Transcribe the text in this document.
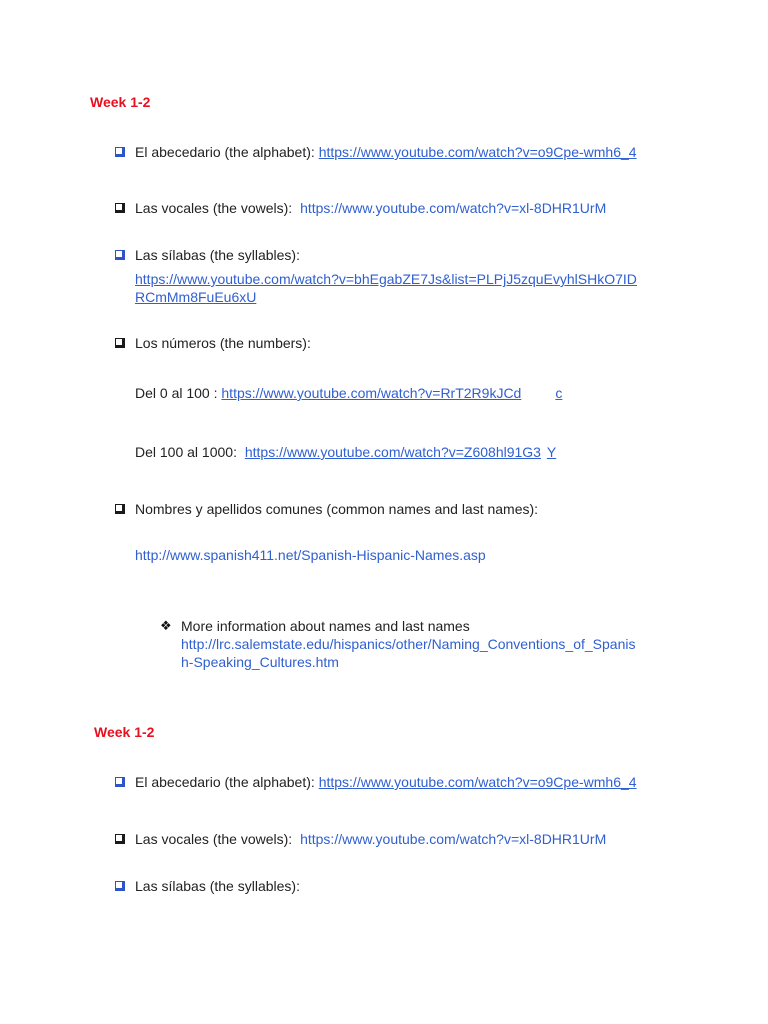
Week 1-2
El abecedario (the alphabet): https://www.youtube.com/watch?v=o9Cpe-wmh6_4
Las vocales (the vowels): https://www.youtube.com/watch?v=xl-8DHR1UrM
Las sílabas (the syllables):
https://www.youtube.com/watch?v=bhEgabZE7Js&list=PLPjJ5zquEvyhlSHkO7ID
RCmMm8FuEu6xU
Los números (the numbers):
Del 0 al 100 : https://www.youtube.com/watch?v=RrT2R9kJCd c
Del 100 al 1000: https://www.youtube.com/watch?v=Z608hl91G3 Y
Nombres y apellidos comunes (common names and last names):
http://www.spanish411.net/Spanish-Hispanic-Names.asp
❖ More information about names and last names
http://lrc.salemstate.edu/hispanics/other/Naming_Conventions_of_Spanis
h-Speaking_Cultures.htm
Week 1-2
El abecedario (the alphabet): https://www.youtube.com/watch?v=o9Cpe-wmh6_4
Las vocales (the vowels): https://www.youtube.com/watch?v=xl-8DHR1UrM
Las sílabas (the syllables):
